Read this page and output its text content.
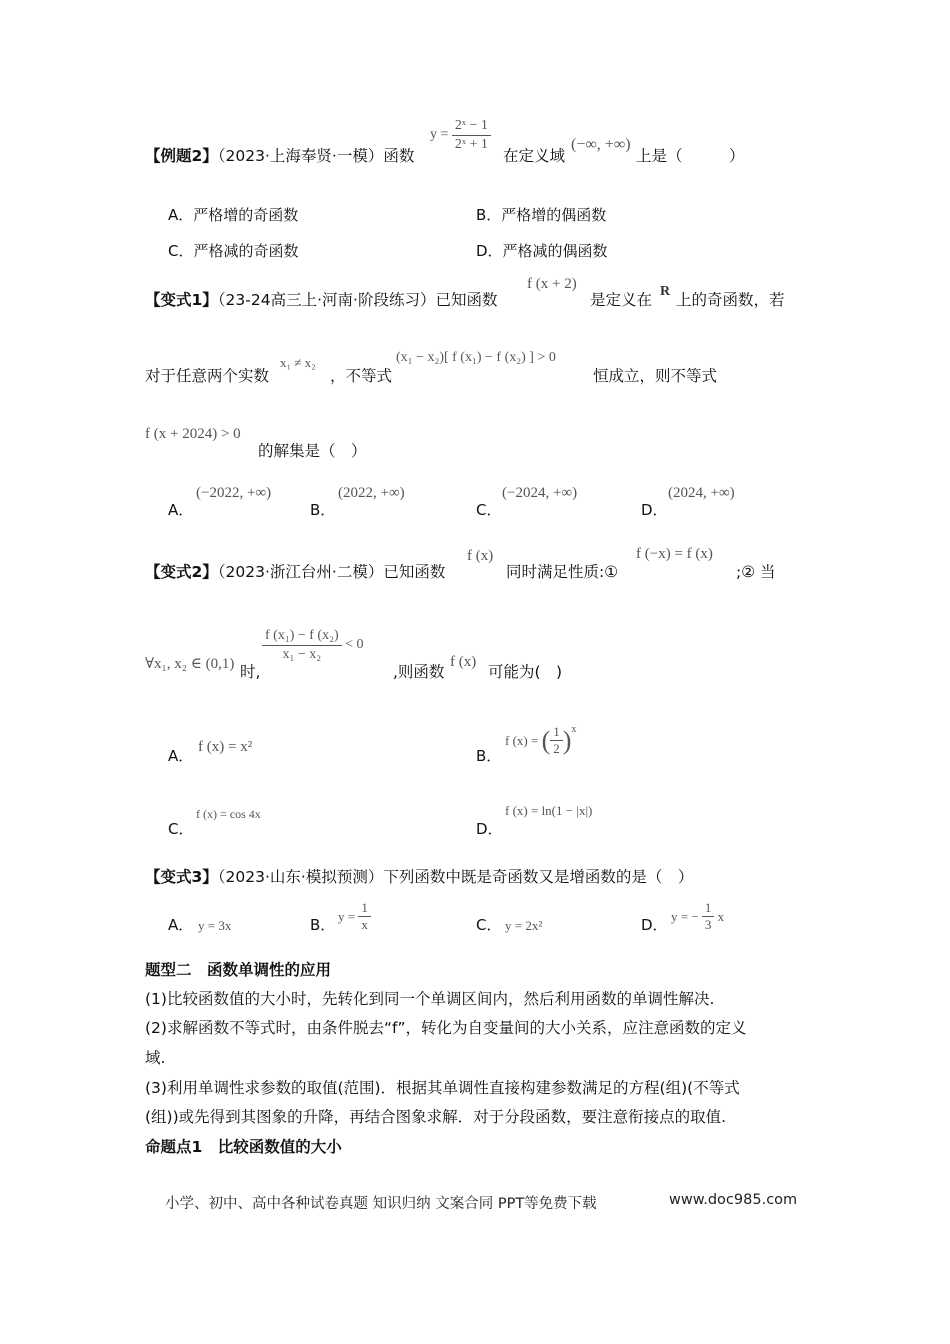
【例题2】（2023·上海奉贤·一模）函数
$y = \frac{\text{2ˣ − 1}}{\text{2ˣ + 1}}$
在定义域
(−∞, +∞)
上是（　　　）
A．严格增的奇函数	B．严格增的偶函数
C．严格减的奇函数	D．严格减的偶函数
【变式1】（23-24高三上·河南·阶段练习）已知函数
f (x + 2)
是定义在 R 上的奇函数，若
对于任意两个实数
x₁ ≠ x₂
，不等式
(x₁ − x₂)[ f (x₁) − f (x₂) ] > 0
恒成立，则不等式
f (x + 2024) > 0
的解集是（　）
A．
(−2022, +∞)
B．
(2022, +∞)
C．
(−2024, +∞)
D．
(2024, +∞)
【变式2】（2023·浙江台州·二模）已知函数
f (x)
同时满足性质:①
f (−x) = f (x)
;② 当
∀x₁, x₂ ∈ (0,1) 时,
$\frac{\text{f (x₁) − f (x₂)}}{\text{x₁ − x₂}} < 0$
,则函数
f (x)
可能为(　)
A． f (x) = x²	B．
f (x) = ( $\frac{1}{2} )^x$
C．
f (x) = cos 4x
D．
f (x) = ln(1 − |x|)
【变式3】（2023·山东·模拟预测）下列函数中既是奇函数又是增函数的是（　）
A． y = 3x	B． $y = \frac{1}{x}$	C． y = 2x²	D． y = − $\frac{1}{3}$ x
题型二　函数单调性的应用
(1)比较函数值的大小时，先转化到同一个单调区间内，然后利用函数的单调性解决.
(2)求解函数不等式时，由条件脱去“f”，转化为自变量间的大小关系，应注意函数的定义
域.
(3)利用单调性求参数的取值(范围)．根据其单调性直接构建参数满足的方程(组)(不等式
(组))或先得到其图象的升降，再结合图象求解．对于分段函数，要注意衔接点的取值.
命题点1　比较函数值的大小
小学、初中、高中各种试卷真题 知识归纳 文案合同 PPT等免费下载	www.doc985.com
